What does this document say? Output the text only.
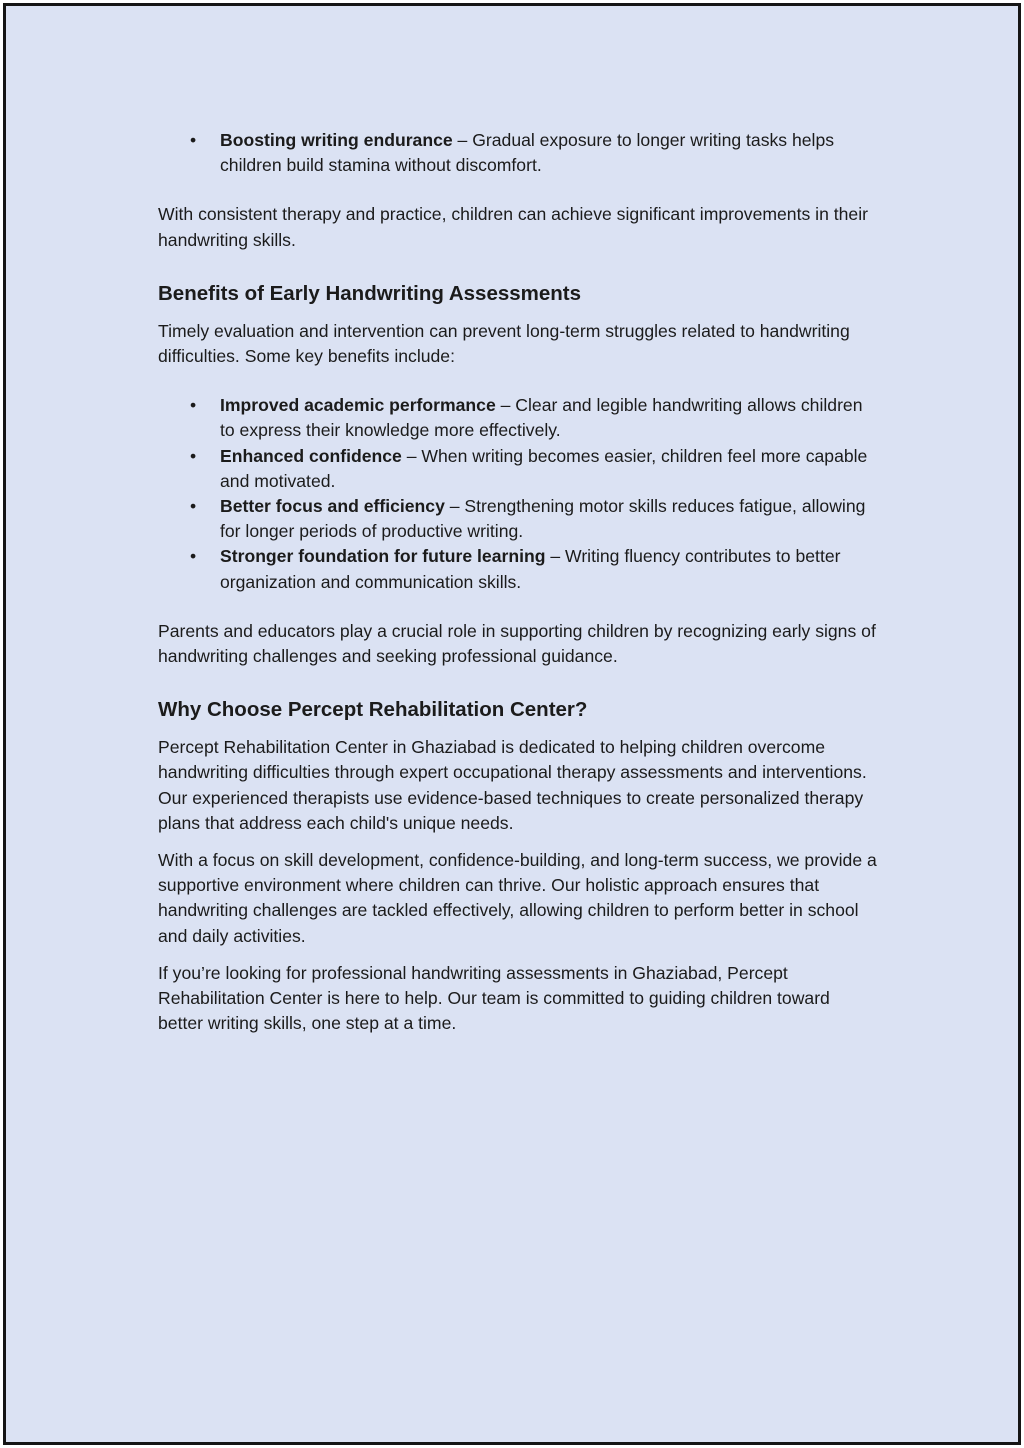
• Boosting writing endurance – Gradual exposure to longer writing tasks helps children build stamina without discomfort.

With consistent therapy and practice, children can achieve significant improvements in their handwriting skills.

Benefits of Early Handwriting Assessments

Timely evaluation and intervention can prevent long-term struggles related to handwriting difficulties. Some key benefits include:

• Improved academic performance – Clear and legible handwriting allows children to express their knowledge more effectively.
• Enhanced confidence – When writing becomes easier, children feel more capable and motivated.
• Better focus and efficiency – Strengthening motor skills reduces fatigue, allowing for longer periods of productive writing.
• Stronger foundation for future learning – Writing fluency contributes to better organization and communication skills.

Parents and educators play a crucial role in supporting children by recognizing early signs of handwriting challenges and seeking professional guidance.

Why Choose Percept Rehabilitation Center?

Percept Rehabilitation Center in Ghaziabad is dedicated to helping children overcome handwriting difficulties through expert occupational therapy assessments and interventions. Our experienced therapists use evidence-based techniques to create personalized therapy plans that address each child's unique needs.

With a focus on skill development, confidence-building, and long-term success, we provide a supportive environment where children can thrive. Our holistic approach ensures that handwriting challenges are tackled effectively, allowing children to perform better in school and daily activities.

If you’re looking for professional handwriting assessments in Ghaziabad, Percept Rehabilitation Center is here to help. Our team is committed to guiding children toward better writing skills, one step at a time.
